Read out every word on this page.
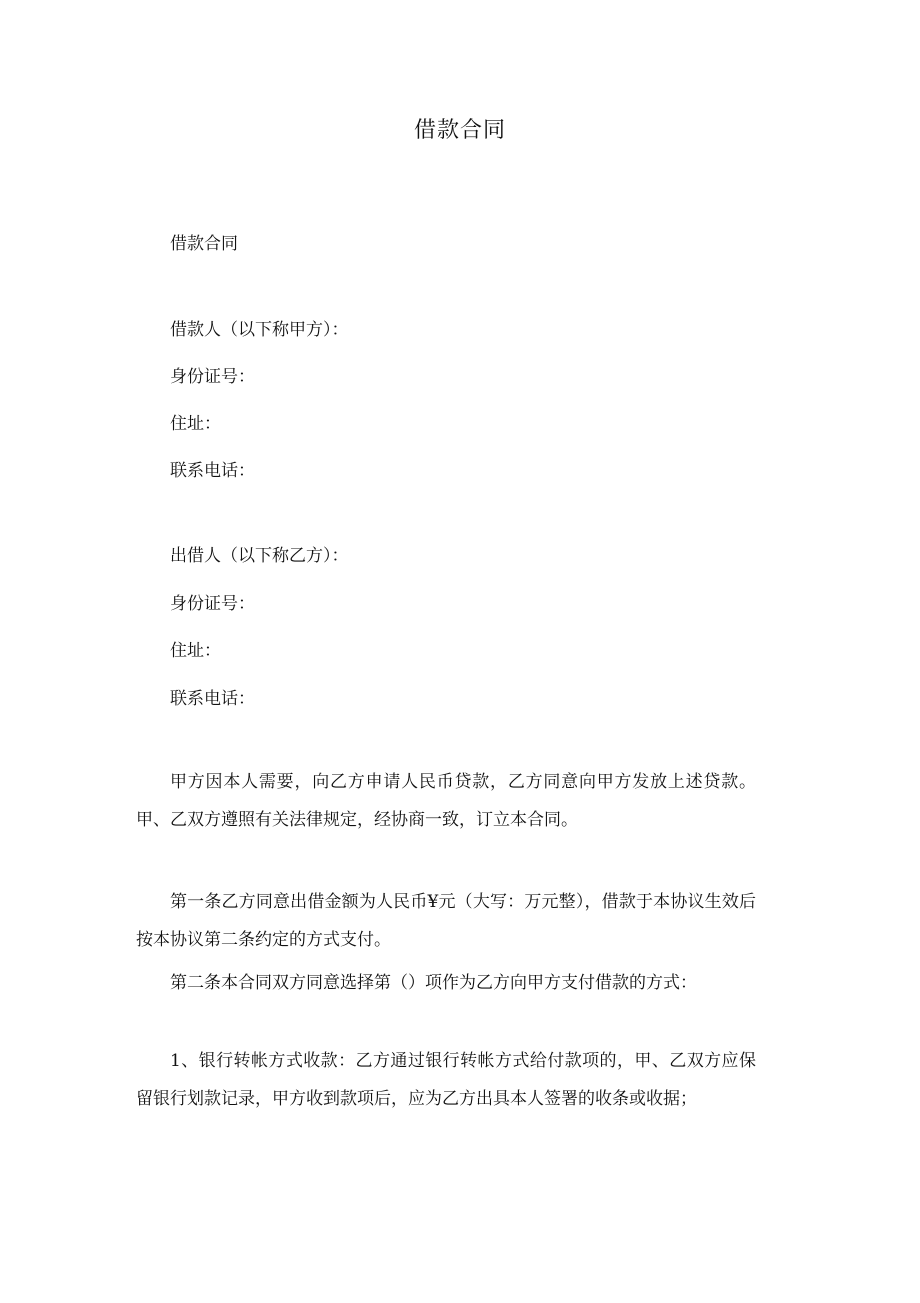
借款合同
借款合同
借款人（以下称甲方）：
身份证号：
住址：
联系电话：
出借人（以下称乙方）：
身份证号：
住址：
联系电话：
甲方因本人需要，向乙方申请人民币贷款，乙方同意向甲方发放上述贷款。甲、乙双方遵照有关法律规定，经协商一致，订立本合同。
第一条乙方同意出借金额为人民币¥元（大写：万元整），借款于本协议生效后按本协议第二条约定的方式支付。
第二条本合同双方同意选择第（）项作为乙方向甲方支付借款的方式：
1、银行转帐方式收款：乙方通过银行转帐方式给付款项的，甲、乙双方应保留银行划款记录，甲方收到款项后，应为乙方出具本人签署的收条或收据；
